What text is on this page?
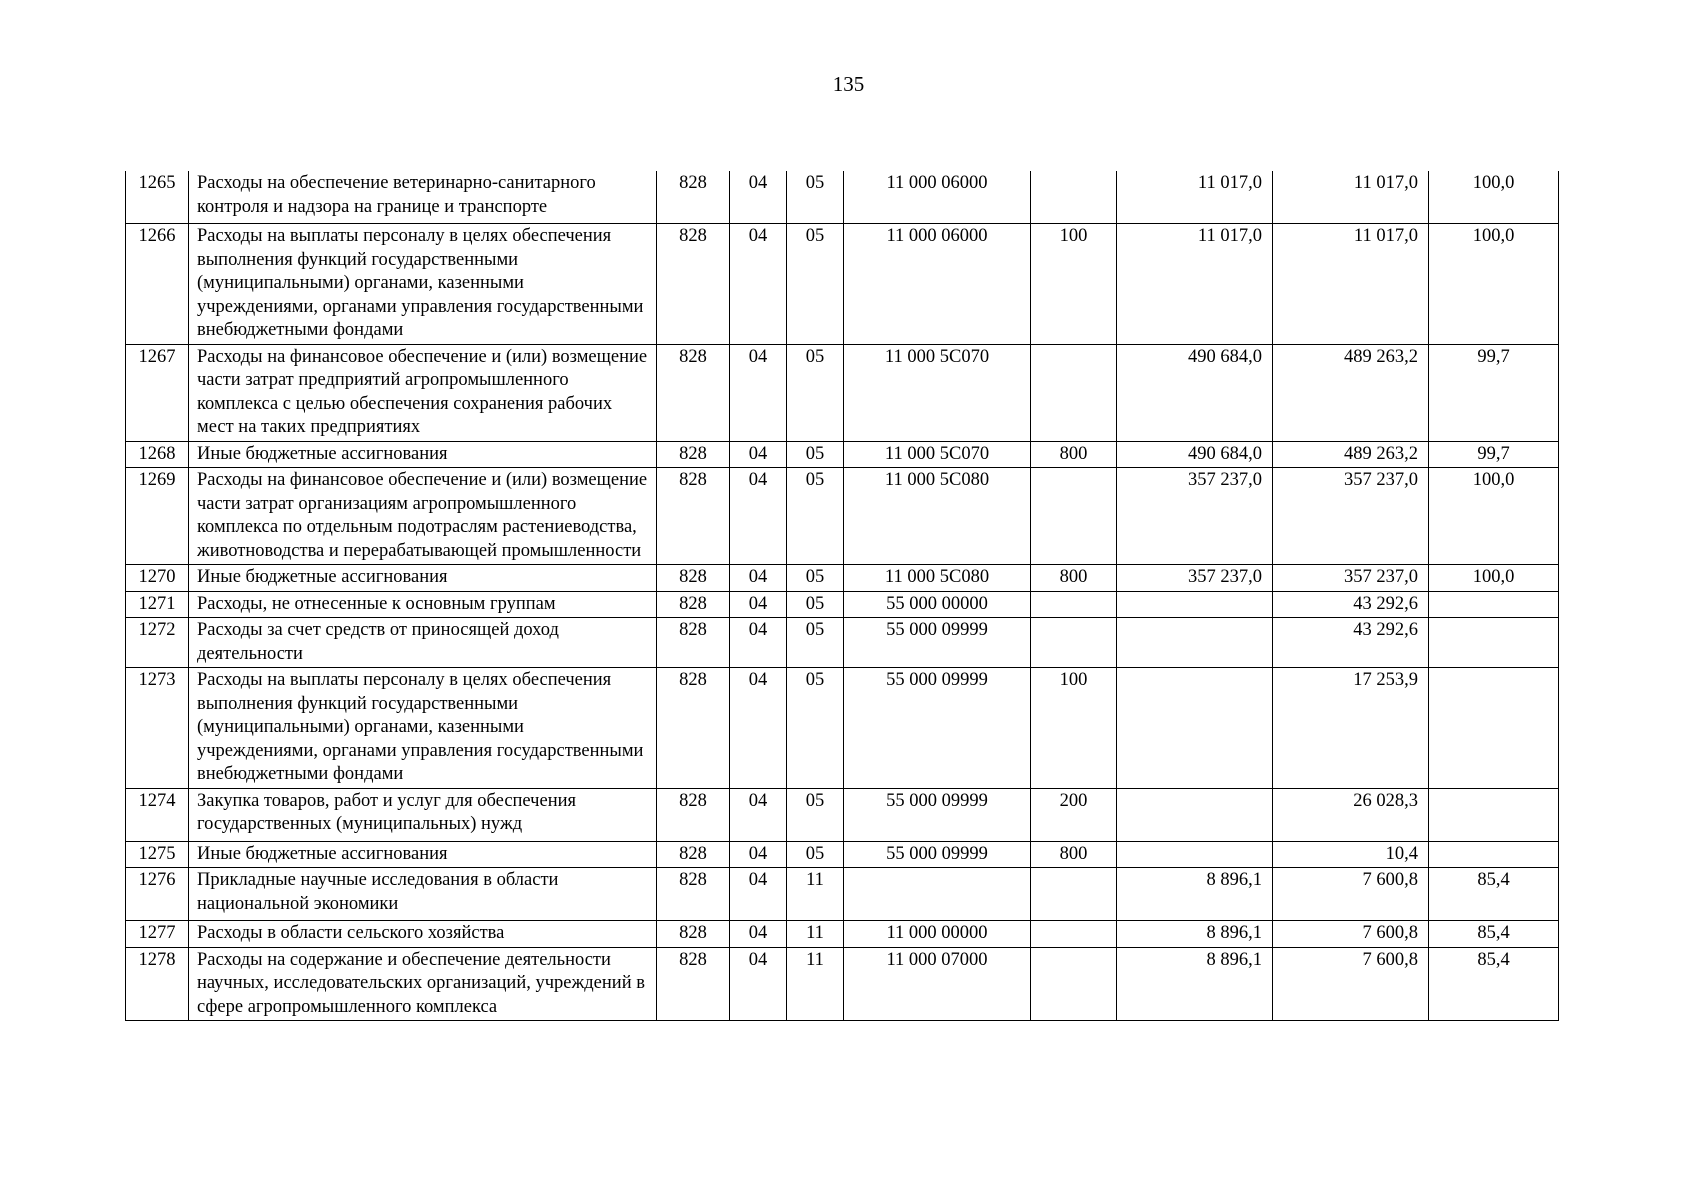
135
1265	Расходы на обеспечение ветеринарно-санитарного контроля и надзора на границе и транспорте	828	04	05	11 000 06000		11 017,0	11 017,0	100,0
1266	Расходы на выплаты персоналу в целях обеспечения выполнения функций государственными (муниципальными) органами, казенными учреждениями, органами управления государственными внебюджетными фондами	828	04	05	11 000 06000	100	11 017,0	11 017,0	100,0
1267	Расходы на финансовое обеспечение и (или) возмещение части затрат предприятий агропромышленного комплекса с целью обеспечения сохранения рабочих мест на таких предприятиях	828	04	05	11 000 5С070		490 684,0	489 263,2	99,7
1268	Иные бюджетные ассигнования	828	04	05	11 000 5С070	800	490 684,0	489 263,2	99,7
1269	Расходы на финансовое обеспечение и (или) возмещение части затрат организациям агропромышленного комплекса по отдельным подотраслям растениеводства, животноводства и перерабатывающей промышленности	828	04	05	11 000 5С080		357 237,0	357 237,0	100,0
1270	Иные бюджетные ассигнования	828	04	05	11 000 5С080	800	357 237,0	357 237,0	100,0
1271	Расходы, не отнесенные к основным группам	828	04	05	55 000 00000			43 292,6	
1272	Расходы за счет средств от приносящей доход деятельности	828	04	05	55 000 09999			43 292,6	
1273	Расходы на выплаты персоналу в целях обеспечения выполнения функций государственными (муниципальными) органами, казенными учреждениями, органами управления государственными внебюджетными фондами	828	04	05	55 000 09999	100		17 253,9	
1274	Закупка товаров, работ и услуг для обеспечения государственных (муниципальных) нужд	828	04	05	55 000 09999	200		26 028,3	
1275	Иные бюджетные ассигнования	828	04	05	55 000 09999	800		10,4	
1276	Прикладные научные исследования в области национальной экономики	828	04	11			8 896,1	7 600,8	85,4
1277	Расходы в области сельского хозяйства	828	04	11	11 000 00000		8 896,1	7 600,8	85,4
1278	Расходы на содержание и обеспечение деятельности научных, исследовательских организаций, учреждений в сфере агропромышленного комплекса	828	04	11	11 000 07000		8 896,1	7 600,8	85,4
